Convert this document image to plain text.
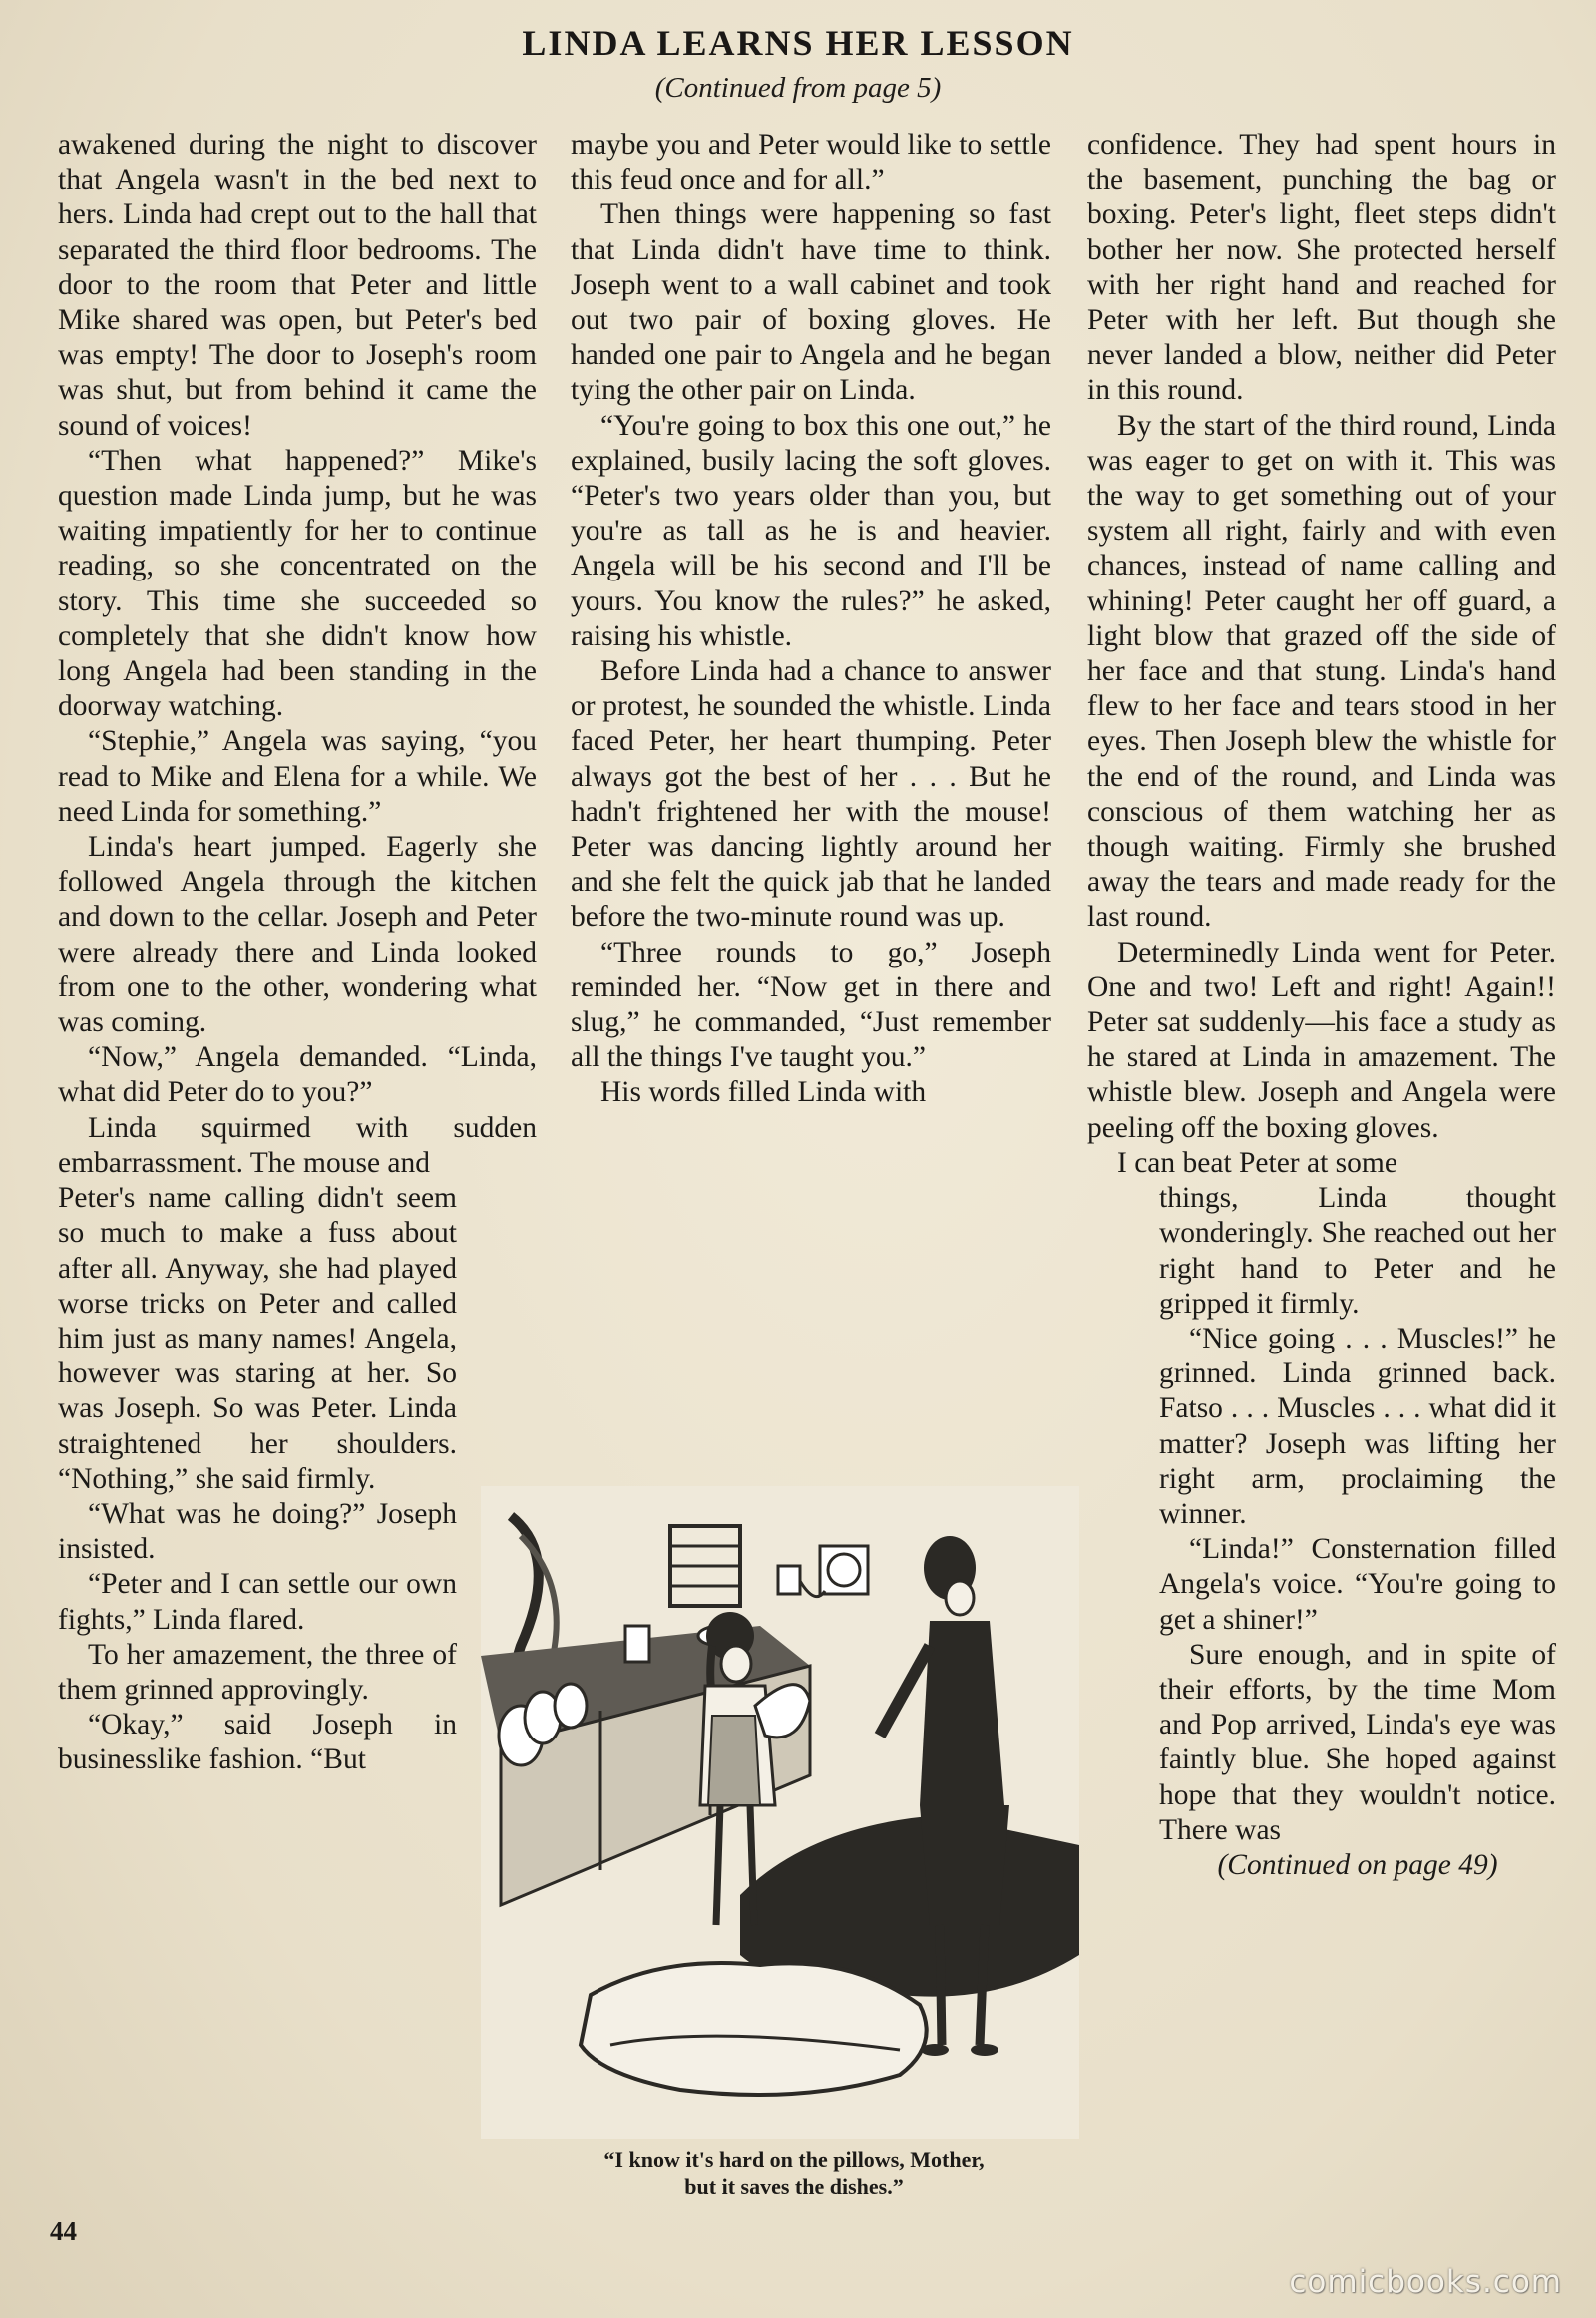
LINDA LEARNS HER LESSON
(Continued from page 5)

awakened during the night to discover that Angela wasn't in the bed next to hers. Linda had crept out to the hall that separated the third floor bedrooms. The door to the room that Peter and little Mike shared was open, but Peter's bed was empty! The door to Joseph's room was shut, but from behind it came the sound of voices!

“Then what happened?” Mike's question made Linda jump, but he was waiting impatiently for her to continue reading, so she concentrated on the story. This time she succeeded so completely that she didn't know how long Angela had been standing in the doorway watching.

“Stephie,” Angela was saying, “you read to Mike and Elena for a while. We need Linda for something.”

Linda's heart jumped. Eagerly she followed Angela through the kitchen and down to the cellar. Joseph and Peter were already there and Linda looked from one to the other, wondering what was coming.

“Now,” Angela demanded. “Linda, what did Peter do to you?”

Linda squirmed with sudden embarrassment. The mouse and

Peter's name calling didn't seem so much to make a fuss about after all. Anyway, she had played worse tricks on Peter and called him just as many names! Angela, however was staring at her. So was Joseph. So was Peter. Linda straightened her shoulders. “Nothing,” she said firmly.

“What was he doing?” Joseph insisted.

“Peter and I can settle our own fights,” Linda flared.

To her amazement, the three of them grinned approvingly.

“Okay,” said Joseph in businesslike fashion. “But

maybe you and Peter would like to settle this feud once and for all.”

Then things were happening so fast that Linda didn't have time to think. Joseph went to a wall cabinet and took out two pair of boxing gloves. He handed one pair to Angela and he began tying the other pair on Linda.

“You're going to box this one out,” he explained, busily lacing the soft gloves. “Peter's two years older than you, but you're as tall as he is and heavier. Angela will be his second and I'll be yours. You know the rules?” he asked, raising his whistle.

Before Linda had a chance to answer or protest, he sounded the whistle. Linda faced Peter, her heart thumping. Peter always got the best of her . . . But he hadn't frightened her with the mouse! Peter was dancing lightly around her and she felt the quick jab that he landed before the two-minute round was up.

“Three rounds to go,” Joseph reminded her. “Now get in there and slug,” he commanded, “Just remember all the things I've taught you.”

His words filled Linda with

confidence. They had spent hours in the basement, punching the bag or boxing. Peter's light, fleet steps didn't bother her now. She protected herself with her right hand and reached for Peter with her left. But though she never landed a blow, neither did Peter in this round.

By the start of the third round, Linda was eager to get on with it. This was the way to get something out of your system all right, fairly and with even chances, instead of name calling and whining! Peter caught her off guard, a light blow that grazed off the side of her face and that stung. Linda's hand flew to her face and tears stood in her eyes. Then Joseph blew the whistle for the end of the round, and Linda was conscious of them watching her as though waiting. Firmly she brushed away the tears and made ready for the last round.

Determinedly Linda went for Peter. One and two! Left and right! Again!! Peter sat suddenly—his face a study as he stared at Linda in amazement. The whistle blew. Joseph and Angela were peeling off the boxing gloves.

I can beat Peter at some

things, Linda thought wonderingly. She reached out her right hand to Peter and he gripped it firmly.

“Nice going . . . Muscles!” he grinned. Linda grinned back. Fatso . . . Muscles . . . what did it matter? Joseph was lifting her right arm, proclaiming the winner.

“Linda!” Consternation filled Angela's voice. “You're going to get a shiner!”

Sure enough, and in spite of their efforts, by the time Mom and Pop arrived, Linda's eye was faintly blue. She hoped against hope that they wouldn't notice. There was

(Continued on page 49)

“I know it's hard on the pillows, Mother,
but it saves the dishes.”
44
comicbooks.com
